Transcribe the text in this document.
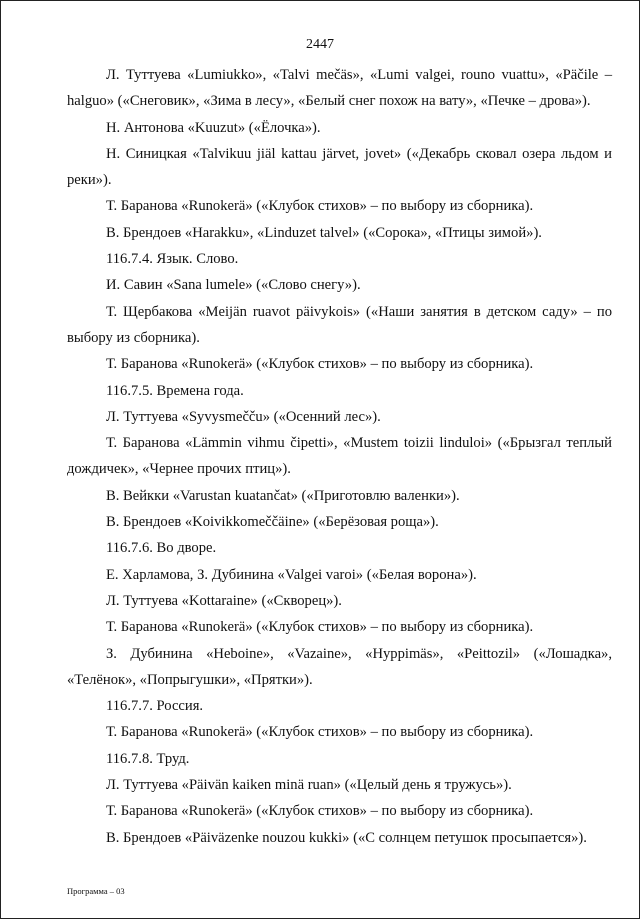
2447

Л. Туттуева «Lumiukko», «Talvi mečäs», «Lumi valgei, rouno vuattu», «Päčile – halguo» («Снеговик», «Зима в лесу», «Белый снег похож на вату», «Печке – дрова»).

Н. Антонова «Kuuzut» («Ёлочка»).

Н. Синицкая «Talvikuu jiäl kattau järvet, jovet» («Декабрь сковал озера льдом и реки»).

Т. Баранова «Runokerä» («Клубок стихов» – по выбору из сборника).

В. Брендоев «Harakku», «Linduzet talvel» («Сорока», «Птицы зимой»).

116.7.4. Язык. Слово.

И. Савин «Sana lumele» («Слово снегу»).

Т. Щербакова «Meijän ruavot päivykois» («Наши занятия в детском саду» – по выбору из сборника).

Т. Баранова «Runokerä» («Клубок стихов» – по выбору из сборника).

116.7.5. Времена года.

Л. Туттуева «Syvysmečču» («Осенний лес»).

Т. Баранова «Lämmin vihmu čipetti», «Mustem toizii linduloi» («Брызгал теплый дождичек», «Чернее прочих птиц»).

В. Вейкки «Varustan kuatančat» («Приготовлю валенки»).

В. Брендоев «Koivikkomeččäine» («Берёзовая роща»).

116.7.6. Во дворе.

Е. Харламова, З. Дубинина «Valgei varoi» («Белая ворона»).

Л. Туттуева «Kottaraine» («Скворец»).

Т. Баранова «Runokerä» («Клубок стихов» – по выбору из сборника).

З. Дубинина «Heboine», «Vazaine», «Hyppimäs», «Peittozil» («Лошадка», «Телёнок», «Попрыгушки», «Прятки»).

116.7.7. Россия.

Т. Баранова «Runokerä» («Клубок стихов» – по выбору из сборника).

116.7.8. Труд.

Л. Туттуева «Päivän kaiken minä ruan» («Целый день я тружусь»).

Т. Баранова «Runokerä» («Клубок стихов» – по выбору из сборника).

В. Брендоев «Päiväzenke nouzou kukki» («С солнцем петушок просыпается»).

Программа – 03
